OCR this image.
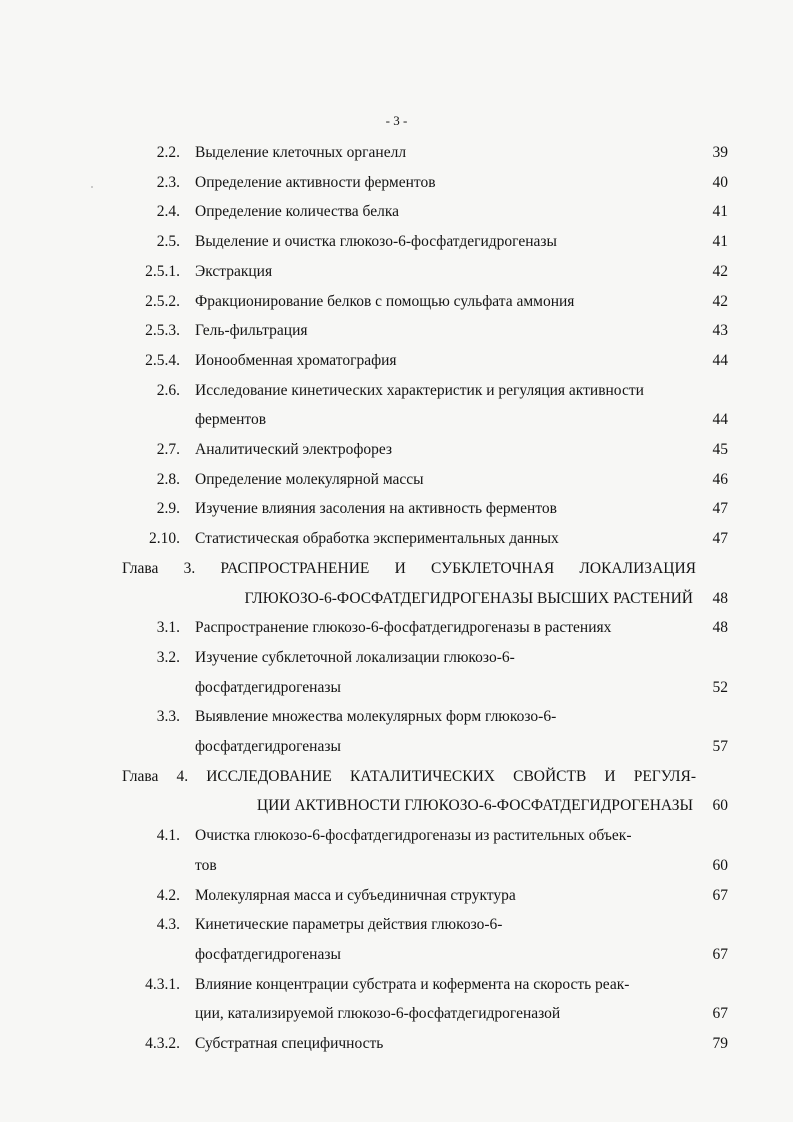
- 3 -
2.2. Выделение клеточных органелл	39
2.3. Определение активности ферментов	40
2.4. Определение количества белка	41
2.5. Выделение и очистка глюкозо-6-фосфатдегидрогеназы	41
2.5.1. Экстракция	42
2.5.2. Фракционирование белков с помощью сульфата аммония	42
2.5.3. Гель-фильтрация	43
2.5.4. Ионообменная хроматография	44
2.6. Исследование кинетических характеристик и регуляция активности
ферментов	44
2.7. Аналитический электрофорез	45
2.8. Определение молекулярной массы	46
2.9. Изучение влияния засоления на активность ферментов	47
2.10. Статистическая обработка экспериментальных данных	47
Глава 3. РАСПРОСТРАНЕНИЕ И СУБКЛЕТОЧНАЯ ЛОКАЛИЗАЦИЯ
ГЛЮКОЗО-6-ФОСФАТДЕГИДРОГЕНАЗЫ ВЫСШИХ РАСТЕНИЙ	48
3.1. Распространение глюкозо-6-фосфатдегидрогеназы в растениях	48
3.2. Изучение субклеточной локализации глюкозо-6-
фосфатдегидрогеназы	52
3.3. Выявление множества молекулярных форм глюкозо-6-
фосфатдегидрогеназы	57
Глава 4. ИССЛЕДОВАНИЕ КАТАЛИТИЧЕСКИХ СВОЙСТВ И РЕГУЛЯ-
ЦИИ АКТИВНОСТИ ГЛЮКОЗО-6-ФОСФАТДЕГИДРОГЕНАЗЫ	60
4.1. Очистка глюкозо-6-фосфатдегидрогеназы из растительных объек-
тов	60
4.2. Молекулярная масса и субъединичная структура	67
4.3. Кинетические параметры действия глюкозо-6-
фосфатдегидрогеназы	67
4.3.1. Влияние концентрации субстрата и кофермента на скорость реак-
ции, катализируемой глюкозо-6-фосфатдегидрогеназой	67
4.3.2. Субстратная специфичность	79
